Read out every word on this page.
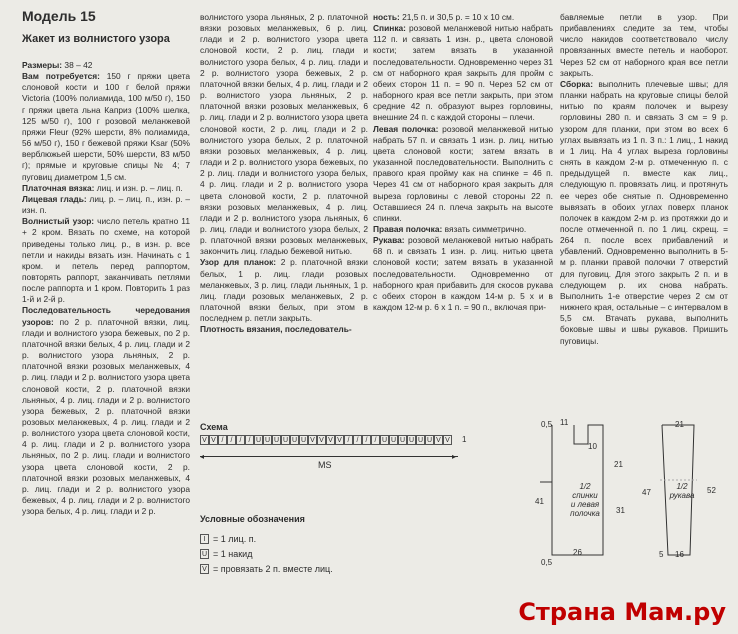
Модель 15
Жакет из волнистого узора

Размеры: 38 – 42
Вам потребуется: 150 г пряжи цвета слоновой кости и 100 г белой пряжи Victoria (100% полиамида, 100 м/50 г), 150 г пряжи цвета льна Каприз (100% шелка, 125 м/50 г), 100 г розовой меланжевой пряжи Fleur (92% шерсти, 8% полиамида, 56 м/50 г), 150 г бежевой пряжи Ksar (50% верблюжьей шерсти, 50% шерсти, 83 м/50 г); прямые и круговые спицы № 4; 7 пуговиц диаметром 1,5 см.
Платочная вязка: лиц. и изн. р. – лиц. п.
Лицевая гладь: лиц. р. – лиц. п., изн. р. – изн. п.
Волнистый узор: число петель кратно 11 + 2 кром. Вязать по схеме, на которой приведены только лиц. р., в изн. р. все петли и накиды вязать изн. Начинать с 1 кром. и петель перед раппортом, повторять раппорт, заканчивать петлями после раппорта и 1 кром. Повторить 1 раз 1-й и 2-й р.
Последовательность чередования узоров: по 2 р. платочной вязки, лиц. глади и волнистого узора бежевых, по 2 р. платочной вязки белых, 4 р. лиц. глади и 2 р. волнистого узора льняных, 2 р. платочной вязки розовых меланжевых, 4 р. лиц. глади и 2 р. волнистого узора цвета слоновой кости, 2 р. платочной вязки льняных, 4 р. лиц. глади и 2 р. волнистого узора бежевых, 2 р. платочной вязки розовых меланжевых, 4 р. лиц. глади и 2 р. волнистого узора цвета слоновой кости, 4 р. лиц. глади и 2 р. волнистого узора льняных, по 2 р. лиц. глади и волнистого узора цвета слоновой кости, 2 р. платочной вязки розовых меланжевых, 4 р. лиц. глади и 2 р. волнистого узора бежевых, 4 р. лиц. глади и 2 р. волнистого узора белых, 4 р. лиц. глади и 2 р.

волнистого узора льняных, 2 р. платочной вязки розовых меланжевых, 6 р. лиц. глади и 2 р. волнистого узора цвета слоновой кости, 2 р. лиц. глади и волнистого узора белых, 4 р. лиц. глади и 2 р. волнистого узора бежевых, 2 р. платочной вязки белых, 4 р. лиц. глади и 2 р. волнистого узора льняных, 2 р. платочной вязки розовых меланжевых, 6 р. лиц. глади и 2 р. волнистого узора цвета слоновой кости, 2 р. лиц. глади и 2 р. волнистого узора белых, 2 р. платочной вязки розовых меланжевых, 4 р. лиц. глади и 2 р. волнистого узора бежевых, по 2 р. лиц. глади и волнистого узора белых, 4 р. лиц. глади и 2 р. волнистого узора цвета слоновой кости, 2 р. платочной вязки розовых меланжевых, 4 р. лиц. глади и 2 р. волнистого узора льняных, 6 р. лиц. глади и волнистого узора белых, 2 р. платочной вязки розовых меланжевых, закончить лиц. гладью бежевой нитью.
Узор для планок: 2 р. платочной вязки белых, 1 р. лиц. глади розовых меланжевых, 3 р. лиц. глади льняных, 1 р. лиц. глади розовых меланжевых, 2 р. платочной вязки белых, при этом в последнем р. петли закрыть.
Плотность вязания, последователь-

ность: 21,5 п. и 30,5 р. = 10 х 10 см.
Спинка: розовой меланжевой нитью набрать 112 п. и связать 1 изн. р., цвета слоновой кости; затем вязать в указанной последовательности. Одновременно через 31 см от наборного края закрыть для пройм с обеих сторон 11 п. = 90 п. Через 52 см от наборного края все петли закрыть, при этом средние 42 п. образуют вырез горловины, внешние 24 п. с каждой стороны – плечи.
Левая полочка: розовой меланжевой нитью набрать 57 п. и связать 1 изн. р. лиц. нитью цвета слоновой кости; затем вязать в указанной последовательности. Выполнить с правого края пройму как на спинке = 46 п. Через 41 см от наборного края закрыть для выреза горловины с левой стороны 22 п. Оставшиеся 24 п. плеча закрыть на высоте спинки.
Правая полочка: вязать симметрично.
Рукава: розовой меланжевой нитью набрать 68 п. и связать 1 изн. р. лиц. нитью цвета слоновой кости; затем вязать в указанной последовательности. Одновременно от наборного края прибавить для скосов рукава с обеих сторон в каждом 14-м р. 5 х и в каждом 12-м р. 6 х 1 п. = 90 п., включая при-

бавляемые петли в узор. При прибавлениях следите за тем, чтобы число накидов соответствовало числу провязанных вместе петель и наоборот. Через 52 см от наборного края все петли закрыть.
Сборка: выполнить плечевые швы; для планки набрать на круговые спицы белой нитью по краям полочек и вырезу горловины 280 п. и связать 3 см = 9 р. узором для планки, при этом во всех 6 углах вывязать из 1 п. 3 п.: 1 лиц., 1 накид и 1 лиц. На 4 углах выреза горловины снять в каждом 2-м р. отмеченную п. с предыдущей п. вместе как лиц., следующую п. провязать лиц. и протянуть ее через обе снятые п. Одновременно вывязать в обоих углах поверх планок полочек в каждом 2-м р. из протяжки до и после отмеченной п. по 1 лиц. скрещ. = 264 п. после всех прибавлений и убавлений. Одновременно выполнить в 5-м р. планки правой полочки 7 отверстий для пуговиц. Для этого закрыть 2 п. и в следующем р. их снова набрать. Выполнить 1-е отверстие через 2 см от нижнего края, остальные – с интервалом в 5,5 см. Втачать рукава, выполнить боковые швы и швы рукавов. Пришить пуговицы.

Схема
V V /	/	/	/ U U U U U U V V V V /	/	/	/ U U U U U U V V 1
◂	▸
MS
Условные обозначения
I = 1 лиц. п.
U = 1 накид
V = провязать 2 п. вместе лиц.
0,5 11
10
21
41
31
1/2 спинки и левая полочка
26
0,5
21
47	52
1/2 рукава
5 16
Страна Мам.ру
